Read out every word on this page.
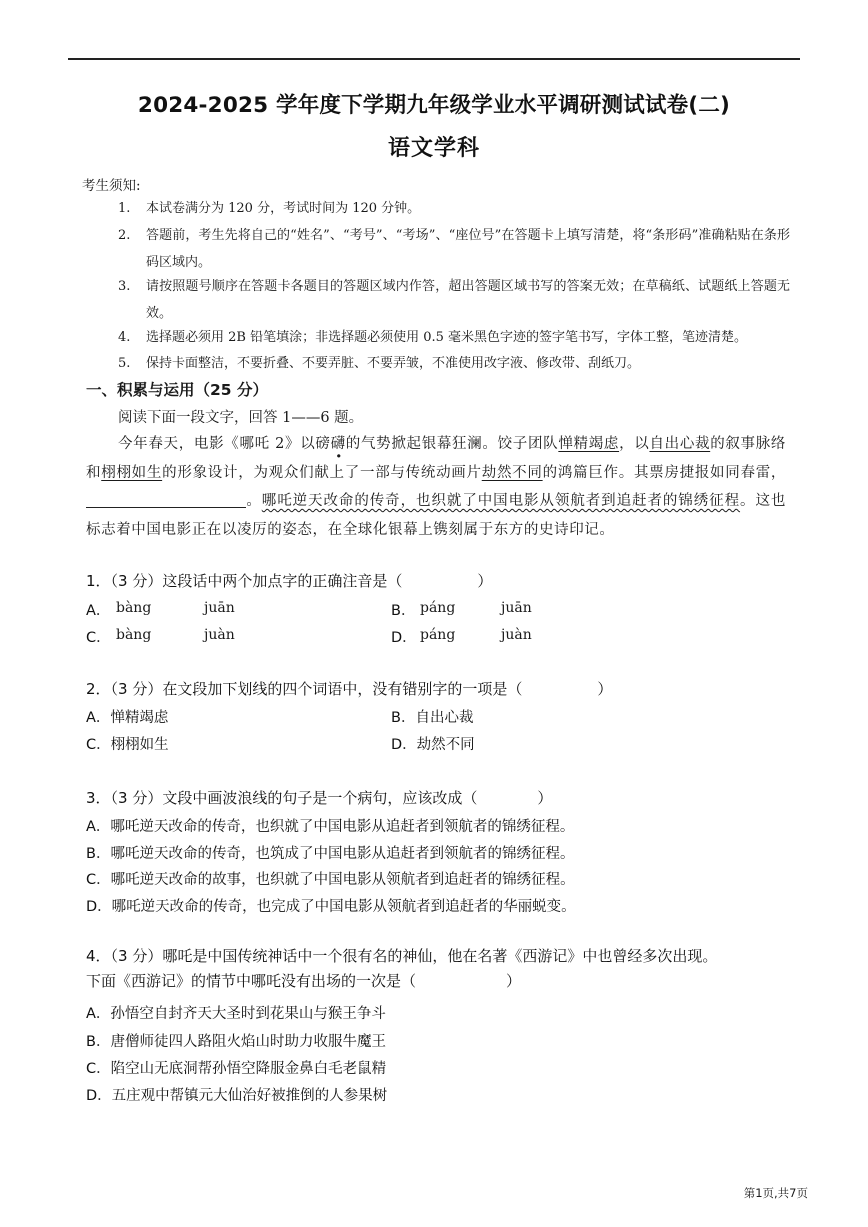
2024-2025 学年度下学期九年级学业水平调研测试试卷(二)
语文学科
考生须知:
1.	本试卷满分为 120 分，考试时间为 120 分钟。
2.	答题前，考生先将自己的“姓名”、“考号”、“考场”、“座位号”在答题卡上填写清楚，将“条形码”准确粘贴在条形码区域内。
3.	请按照题号顺序在答题卡各题目的答题区域内作答，超出答题区域书写的答案无效；在草稿纸、试题纸上答题无效。
4.	选择题必须用 2B 铅笔填涂；非选择题必须使用 0.5 毫米黑色字迹的签字笔书写，字体工整，笔迹清楚。
5.	保持卡面整洁，不要折叠、不要弄脏、不要弄皱，不准使用改字液、修改带、刮纸刀。
一、积累与运用（25 分）
阅读下面一段文字，回答 1——6 题。
今年春天，电影《哪吒 2》以磅礴的气势掀起银幕狂澜。饺子团队惮精竭虑，以自出心裁的叙事脉络和栩栩如生的形象设计，为观众们献上了一部与传统动画片劫然不同的鸿篇巨作。其票房捷报如同春雷，。哪吒逆天改命的传奇，也织就了中国电影从领航者到追赶者的锦绣征程。这也标志着中国电影正在以凌厉的姿态，在全球化银幕上镌刻属于东方的史诗印记。
1．（3 分）这段话中两个加点字的正确注音是（　　　　　）
A． bàng	juān	B． páng	juān
C． bàng	juàn	D． páng	juàn
2．（3 分）在文段加下划线的四个词语中，没有错别字的一项是（　　　　　）
A．惮精竭虑	B．自出心裁
C．栩栩如生	D．劫然不同
3．（3 分）文段中画波浪线的句子是一个病句，应该改成（　　　　）
A．哪吒逆天改命的传奇，也织就了中国电影从追赶者到领航者的锦绣征程。
B．哪吒逆天改命的传奇，也筑成了中国电影从追赶者到领航者的锦绣征程。
C．哪吒逆天改命的故事，也织就了中国电影从领航者到追赶者的锦绣征程。
D．哪吒逆天改命的传奇，也完成了中国电影从领航者到追赶者的华丽蜕变。
4．（3 分）哪吒是中国传统神话中一个很有名的神仙，他在名著《西游记》中也曾经多次出现。
下面《西游记》的情节中哪吒没有出场的一次是（　　　　　　）
A．孙悟空自封齐天大圣时到花果山与猴王争斗
B．唐僧师徒四人路阻火焰山时助力收服牛魔王
C．陷空山无底洞帮孙悟空降服金鼻白毛老鼠精
D．五庄观中帮镇元大仙治好被推倒的人参果树
第1页,共7页
